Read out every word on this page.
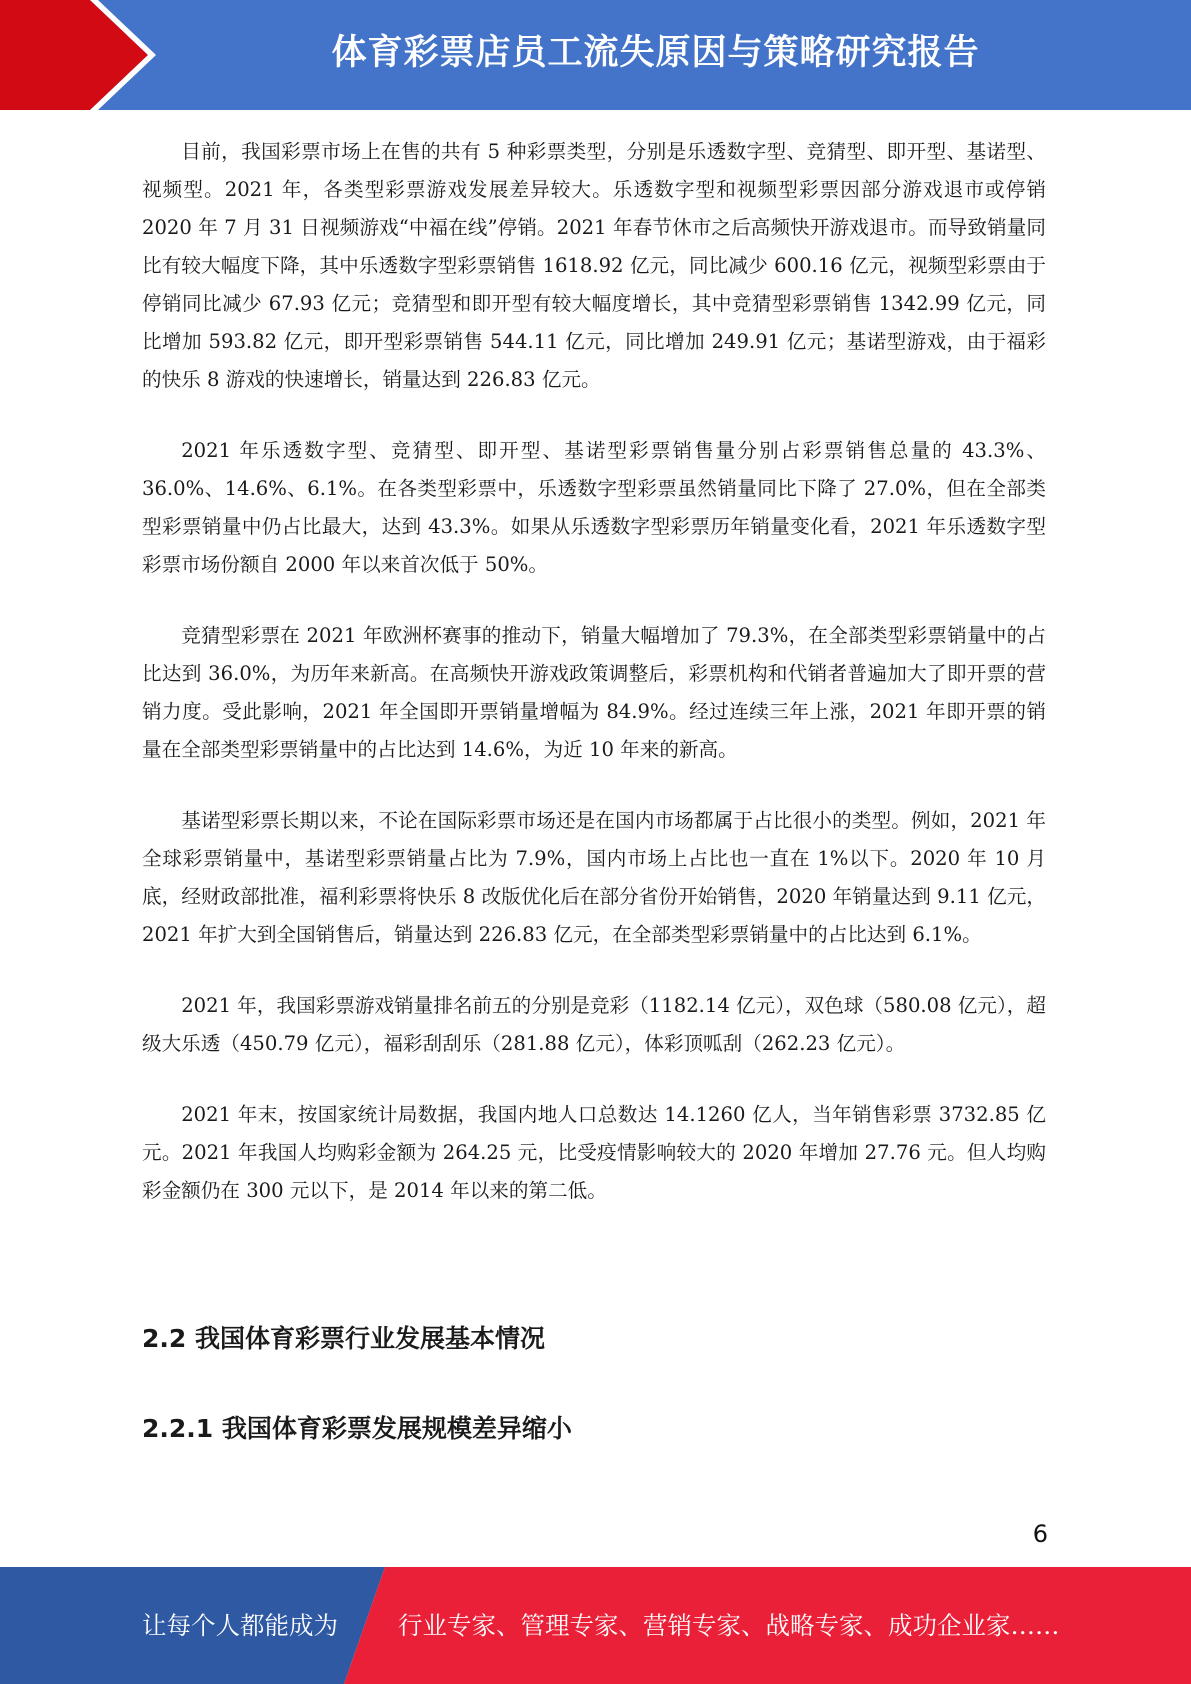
体育彩票店员工流失原因与策略研究报告

目前，我国彩票市场上在售的共有 5 种彩票类型，分别是乐透数字型、竞猜型、即开型、基诺型、视频型。2021 年，各类型彩票游戏发展差异较大。乐透数字型和视频型彩票因部分游戏退市或停销 2020 年 7 月 31 日视频游戏“中福在线”停销。2021 年春节休市之后高频快开游戏退市。而导致销量同比有较大幅度下降，其中乐透数字型彩票销售 1618.92 亿元，同比减少 600.16 亿元，视频型彩票由于停销同比减少 67.93 亿元；竞猜型和即开型有较大幅度增长，其中竞猜型彩票销售 1342.99 亿元，同比增加 593.82 亿元，即开型彩票销售 544.11 亿元，同比增加 249.91 亿元；基诺型游戏，由于福彩的快乐 8 游戏的快速增长，销量达到 226.83 亿元。

2021 年乐透数字型、竞猜型、即开型、基诺型彩票销售量分别占彩票销售总量的 43.3%、36.0%、14.6%、6.1%。在各类型彩票中，乐透数字型彩票虽然销量同比下降了 27.0%，但在全部类型彩票销量中仍占比最大，达到 43.3%。如果从乐透数字型彩票历年销量变化看，2021 年乐透数字型彩票市场份额自 2000 年以来首次低于 50%。

竞猜型彩票在 2021 年欧洲杯赛事的推动下，销量大幅增加了 79.3%，在全部类型彩票销量中的占比达到 36.0%，为历年来新高。在高频快开游戏政策调整后，彩票机构和代销者普遍加大了即开票的营销力度。受此影响，2021 年全国即开票销量增幅为 84.9%。经过连续三年上涨，2021 年即开票的销量在全部类型彩票销量中的占比达到 14.6%，为近 10 年来的新高。

基诺型彩票长期以来，不论在国际彩票市场还是在国内市场都属于占比很小的类型。例如，2021 年全球彩票销量中，基诺型彩票销量占比为 7.9%，国内市场上占比也一直在 1%以下。2020 年 10 月底，经财政部批准，福利彩票将快乐 8 改版优化后在部分省份开始销售，2020 年销量达到 9.11 亿元，2021 年扩大到全国销售后，销量达到 226.83 亿元，在全部类型彩票销量中的占比达到 6.1%。

2021 年，我国彩票游戏销量排名前五的分别是竞彩（1182.14 亿元），双色球（580.08 亿元），超级大乐透（450.79 亿元），福彩刮刮乐（281.88 亿元），体彩顶呱刮（262.23 亿元）。

2021 年末，按国家统计局数据，我国内地人口总数达 14.1260 亿人，当年销售彩票 3732.85 亿元。2021 年我国人均购彩金额为 264.25 元，比受疫情影响较大的 2020 年增加 27.76 元。但人均购彩金额仍在 300 元以下，是 2014 年以来的第二低。

2.2 我国体育彩票行业发展基本情况
2.2.1 我国体育彩票发展规模差异缩小
6
让每个人都能成为 行业专家、管理专家、营销专家、战略专家、成功企业家……
